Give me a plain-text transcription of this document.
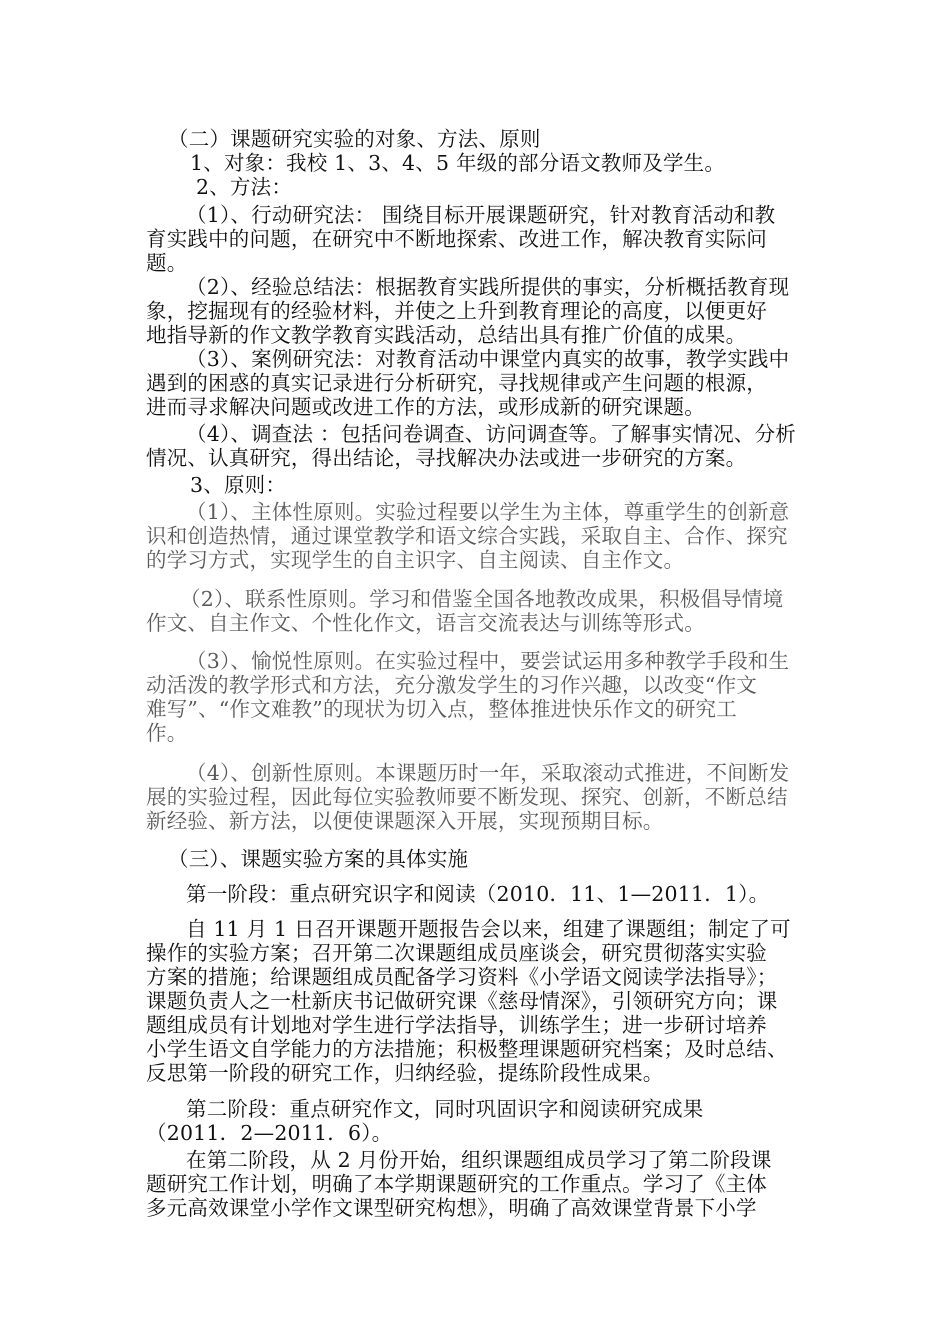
（二）课题研究实验的对象、方法、原则
1、对象：我校 1、3、4、5 年级的部分语文教师及学生。
2、方法：
（1）、行动研究法： 围绕目标开展课题研究，针对教育活动和教
育实践中的问题，在研究中不断地探索、改进工作，解决教育实际问
题。
（2）、经验总结法：根据教育实践所提供的事实，分析概括教育现
象，挖掘现有的经验材料，并使之上升到教育理论的高度，以便更好
地指导新的作文教学教育实践活动，总结出具有推广价值的成果。
（3）、案例研究法：对教育活动中课堂内真实的故事，教学实践中
遇到的困惑的真实记录进行分析研究，寻找规律或产生问题的根源，
进而寻求解决问题或改进工作的方法，或形成新的研究课题。
（4）、调查法 ：包括问卷调查、访问调查等。了解事实情况、分析
情况、认真研究，得出结论，寻找解决办法或进一步研究的方案。
3、原则：
（1）、主体性原则。实验过程要以学生为主体，尊重学生的创新意
识和创造热情，通过课堂教学和语文综合实践，采取自主、合作、探究
的学习方式，实现学生的自主识字、自主阅读、自主作文。
（2）、联系性原则。学习和借鉴全国各地教改成果，积极倡导情境
作文、自主作文、个性化作文，语言交流表达与训练等形式。
（3）、愉悦性原则。在实验过程中，要尝试运用多种教学手段和生
动活泼的教学形式和方法，充分激发学生的习作兴趣，以改变“作文
难写”、“作文难教”的现状为切入点，整体推进快乐作文的研究工
作。
（4）、创新性原则。本课题历时一年，采取滚动式推进，不间断发
展的实验过程，因此每位实验教师要不断发现、探究、创新，不断总结
新经验、新方法，以便使课题深入开展，实现预期目标。
（三）、课题实验方案的具体实施
第一阶段：重点研究识字和阅读（2010．11、1—2011．1）。
自 11 月 1 日召开课题开题报告会以来，组建了课题组；制定了可
操作的实验方案；召开第二次课题组成员座谈会，研究贯彻落实实验
方案的措施；给课题组成员配备学习资料《小学语文阅读学法指导》；
课题负责人之一杜新庆书记做研究课《慈母情深》，引领研究方向；课
题组成员有计划地对学生进行学法指导，训练学生；进一步研讨培养
小学生语文自学能力的方法措施；积极整理课题研究档案；及时总结、
反思第一阶段的研究工作，归纳经验，提练阶段性成果。
第二阶段：重点研究作文，同时巩固识字和阅读研究成果
（2011．2—2011．6）。
在第二阶段，从 2 月份开始，组织课题组成员学习了第二阶段课
题研究工作计划，明确了本学期课题研究的工作重点。学习了《主体
多元高效课堂小学作文课型研究构想》，明确了高效课堂背景下小学
